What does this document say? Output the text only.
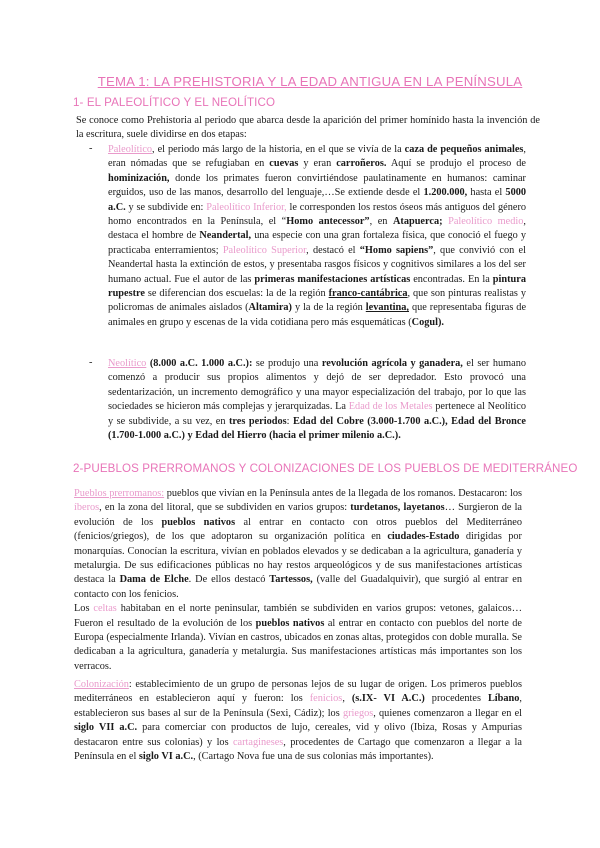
TEMA 1: LA PREHISTORIA Y LA EDAD ANTIGUA EN LA PENÍNSULA
1- EL PALEOLÍTICO Y EL NEOLÍTICO

Se conoce como Prehistoria al periodo que abarca desde la aparición del primer homínido hasta la invención de la escritura, suele dividirse en dos etapas:

- Paleolítico, el periodo más largo de la historia, en el que se vivía de la caza de pequeños animales, eran nómadas que se refugiaban en cuevas y eran carroñeros. Aquí se produjo el proceso de hominización, donde los primates fueron convirtiéndose paulatinamente en humanos: caminar erguidos, uso de las manos, desarrollo del lenguaje,…Se extiende desde el 1.200.000, hasta el 5000 a.C. y se subdivide en: Paleolítico Inferior, le corresponden los restos óseos más antiguos del género homo encontrados en la Península, el “Homo antecessor”, en Atapuerca; Paleolítico medio, destaca el hombre de Neandertal, una especie con una gran fortaleza física, que conoció el fuego y practicaba enterramientos; Paleolítico Superior, destacó el “Homo sapiens”, que convivió con el Neandertal hasta la extinción de estos, y presentaba rasgos físicos y cognitivos similares a los del ser humano actual. Fue el autor de las primeras manifestaciones artísticas encontradas. En la pintura rupestre se diferencian dos escuelas: la de la región franco-cantábrica, que son pinturas realistas y policromas de animales aislados (Altamira) y la de la región levantina, que representaba figuras de animales en grupo y escenas de la vida cotidiana pero más esquemáticas (Cogul).

- Neolítico (8.000 a.C. 1.000 a.C.): se produjo una revolución agrícola y ganadera, el ser humano comenzó a producir sus propios alimentos y dejó de ser depredador. Esto provocó una sedentarización, un incremento demográfico y una mayor especialización del trabajo, por lo que las sociedades se hicieron más complejas y jerarquizadas. La Edad de los Metales pertenece al Neolítico y se subdivide, a su vez, en tres periodos: Edad del Cobre (3.000-1.700 a.C.), Edad del Bronce (1.700-1.000 a.C.) y Edad del Hierro (hacia el primer milenio a.C.).

2-PUEBLOS PRERROMANOS Y COLONIZACIONES DE LOS PUEBLOS DE MEDITERRÁNEO

Pueblos prerromanos: pueblos que vivían en la Península antes de la llegada de los romanos. Destacaron: los íberos, en la zona del litoral, que se subdividen en varios grupos: turdetanos, layetanos… Surgieron de la evolución de los pueblos nativos al entrar en contacto con otros pueblos del Mediterráneo (fenicios/griegos), de los que adoptaron su organización política en ciudades-Estado dirigidas por monarquías. Conocían la escritura, vivían en poblados elevados y se dedicaban a la agricultura, ganadería y metalurgia. De sus edificaciones públicas no hay restos arqueológicos y de sus manifestaciones artísticas destaca la Dama de Elche. De ellos destacó Tartessos, (valle del Guadalquivir), que surgió al entrar en contacto con los fenicios.
Los celtas habitaban en el norte peninsular, también se subdividen en varios grupos: vetones, galaicos… Fueron el resultado de la evolución de los pueblos nativos al entrar en contacto con pueblos del norte de Europa (especialmente Irlanda). Vivían en castros, ubicados en zonas altas, protegidos con doble muralla. Se dedicaban a la agricultura, ganadería y metalurgia. Sus manifestaciones artísticas más importantes son los verracos.

Colonización: establecimiento de un grupo de personas lejos de su lugar de origen. Los primeros pueblos mediterráneos en establecieron aquí y fueron: los fenicios, (s.IX- VI A.C.) procedentes Líbano, establecieron sus bases al sur de la Península (Sexi, Cádiz); los griegos, quienes comenzaron a llegar en el siglo VII a.C. para comerciar con productos de lujo, cereales, vid y olivo (Ibiza, Rosas y Ampurias destacaron entre sus colonias) y los cartagineses, procedentes de Cartago que comenzaron a llegar a la Península en el siglo VI a.C., (Cartago Nova fue una de sus colonias más importantes).
